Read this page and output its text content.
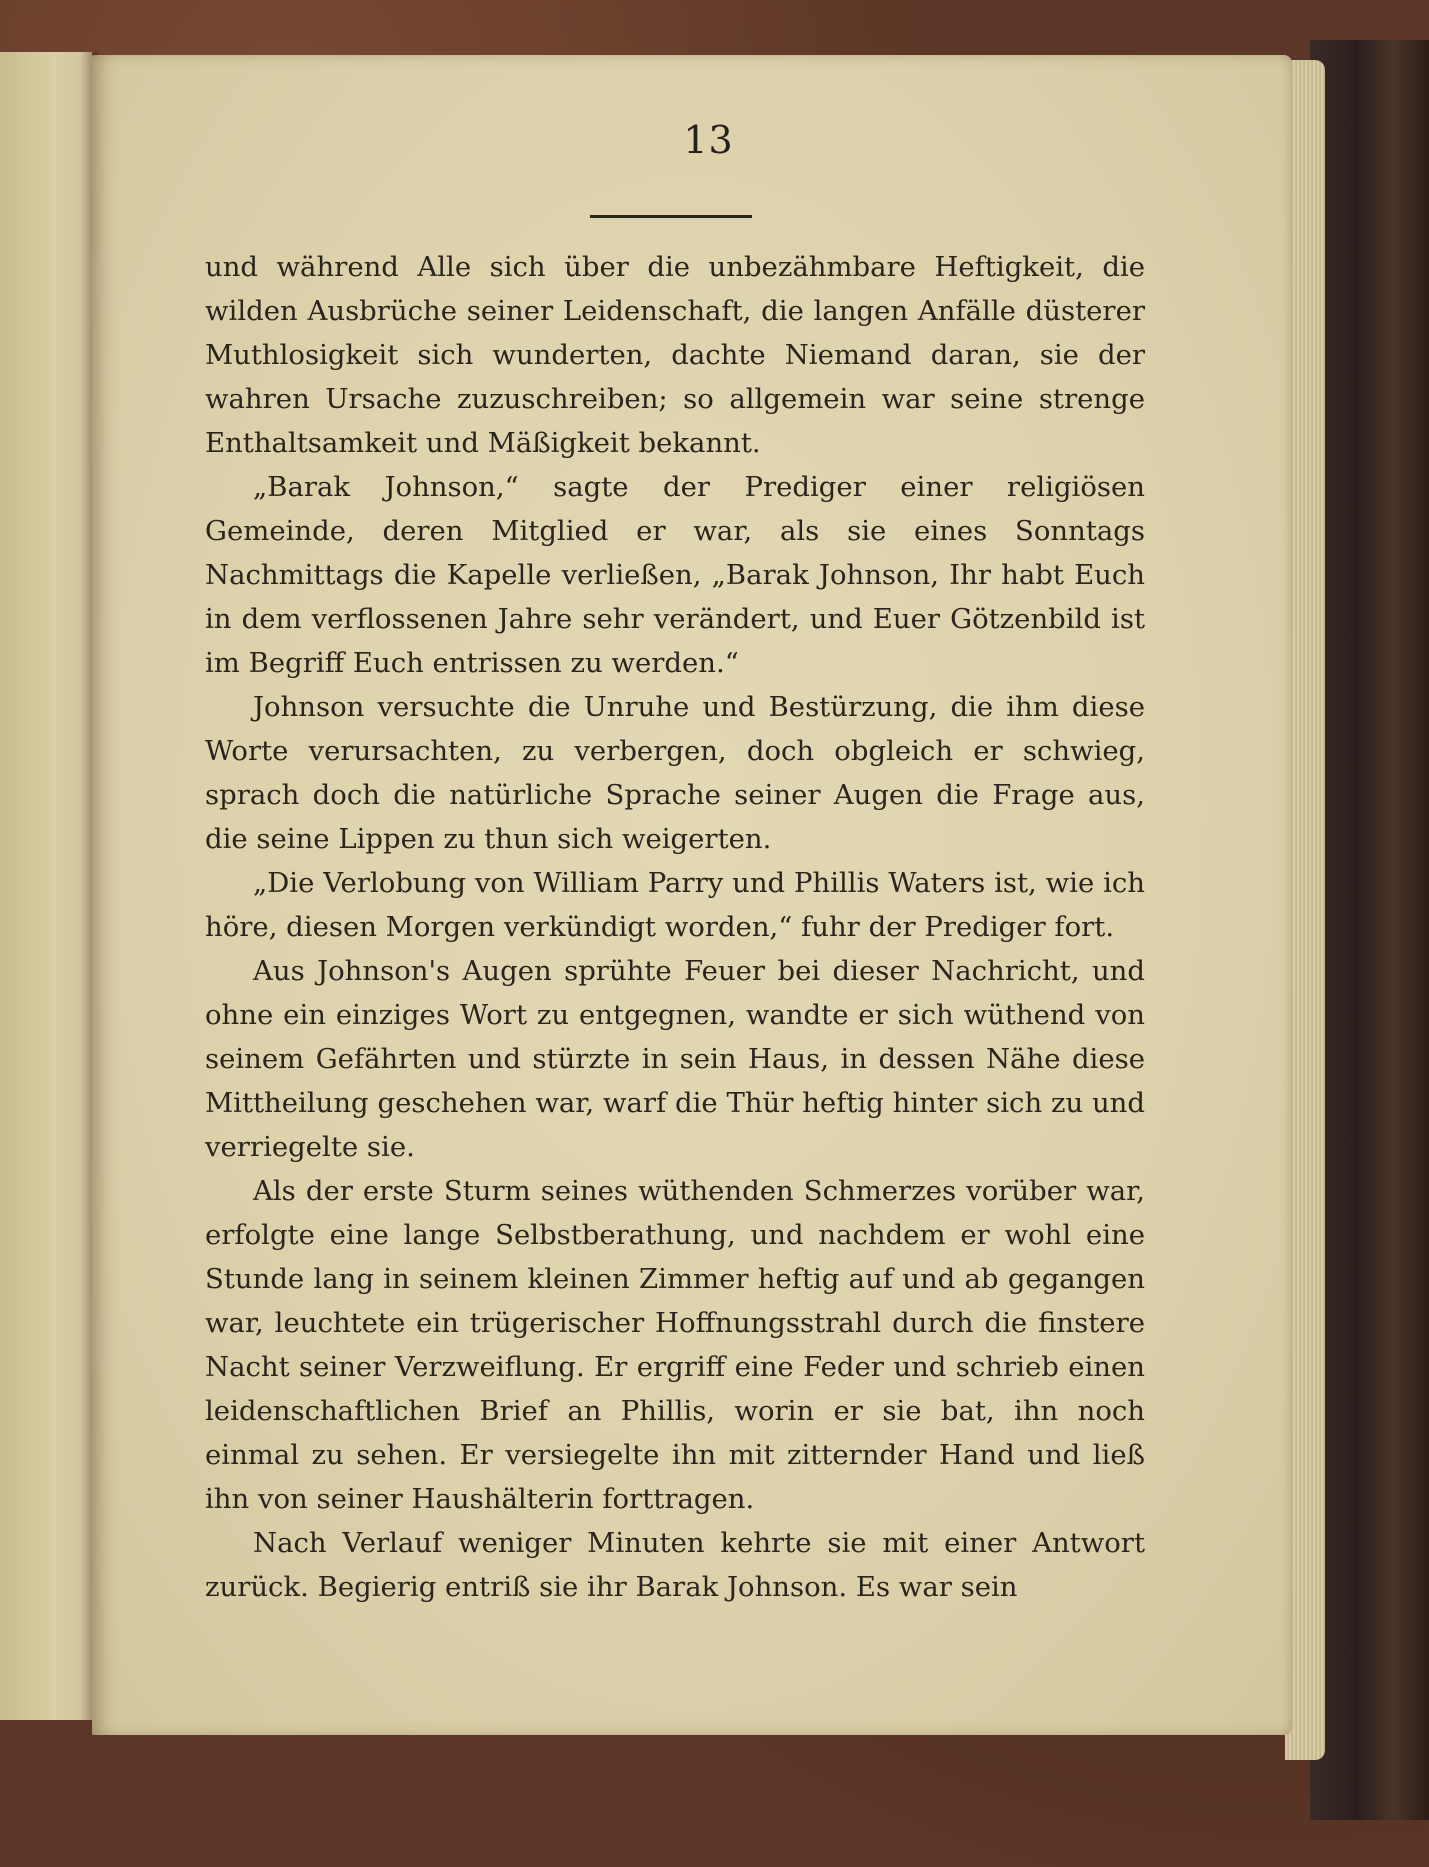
13

und während Alle sich über die unbezähmbare Heftigkeit, die wilden Ausbrüche seiner Leidenschaft, die langen Anfälle düsterer Muthlosigkeit sich wunderten, dachte Niemand daran, sie der wahren Ursache zuzuschreiben; so allgemein war seine strenge Enthaltsamkeit und Mäßigkeit bekannt.

„Barak Johnson,“ sagte der Prediger einer religiösen Gemeinde, deren Mitglied er war, als sie eines Sonntags Nachmittags die Kapelle verließen, „Barak Johnson, Ihr habt Euch in dem verflossenen Jahre sehr verändert, und Euer Götzenbild ist im Begriff Euch entrissen zu werden.“

Johnson versuchte die Unruhe und Bestürzung, die ihm diese Worte verursachten, zu verbergen, doch obgleich er schwieg, sprach doch die natürliche Sprache seiner Augen die Frage aus, die seine Lippen zu thun sich weigerten.

„Die Verlobung von William Parry und Phillis Waters ist, wie ich höre, diesen Morgen verkündigt worden,“ fuhr der Prediger fort.

Aus Johnson's Augen sprühte Feuer bei dieser Nachricht, und ohne ein einziges Wort zu entgegnen, wandte er sich wüthend von seinem Gefährten und stürzte in sein Haus, in dessen Nähe diese Mittheilung geschehen war, warf die Thür heftig hinter sich zu und verriegelte sie.

Als der erste Sturm seines wüthenden Schmerzes vorüber war, erfolgte eine lange Selbstberathung, und nachdem er wohl eine Stunde lang in seinem kleinen Zimmer heftig auf und ab gegangen war, leuchtete ein trügerischer Hoffnungsstrahl durch die finstere Nacht seiner Verzweiflung. Er ergriff eine Feder und schrieb einen leidenschaftlichen Brief an Phillis, worin er sie bat, ihn noch einmal zu sehen. Er versiegelte ihn mit zitternder Hand und ließ ihn von seiner Haushälterin forttragen.

Nach Verlauf weniger Minuten kehrte sie mit einer Antwort zurück. Begierig entriß sie ihr Barak Johnson. Es war sein
